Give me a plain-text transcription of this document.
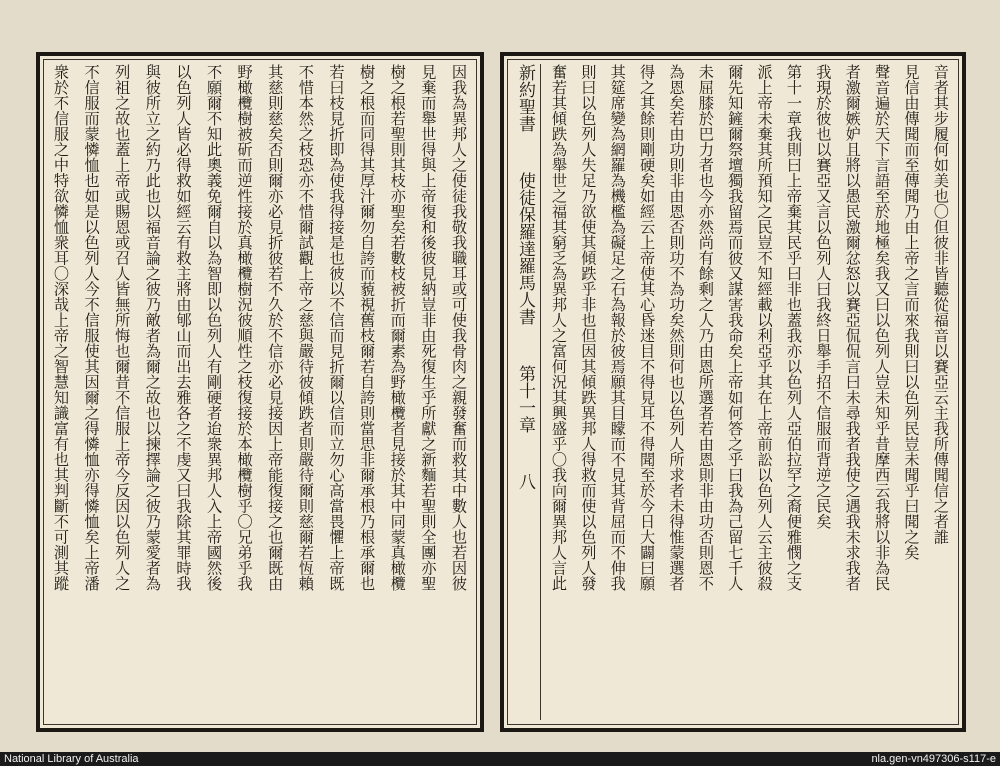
因我為異邦人之使徒我敬我職耳或可使我骨肉之親發奮而救其中數人也若因彼
見棄而舉世得與上帝復和後彼見納豈非由死復生乎所獻之新麵若聖則全團亦聖
樹之根若聖則其枝亦聖矣若數枝被折而爾素為野橄欖者見接於其中同蒙真橄欖
樹之根而同得其厚汁爾勿自誇而藐視舊枝爾若自誇則當思非爾承根乃根承爾也
若曰枝見折即為使我得接是也彼以不信而見折爾以信而立勿心高當畏懼上帝既
不惜本然之枝恐亦不惜爾試觀上帝之慈與嚴待彼傾跌者則嚴待爾則慈爾若恆賴
其慈則慈矣否則爾亦必見折彼若不久於不信亦必見接因上帝能復接之也爾既由
野橄欖樹被斫而逆性接於真橄欖樹況彼順性之枝復接於本橄欖樹乎〇兄弟乎我
不願爾不知此奧義免爾自以為智即以色列人有剛硬者迨衆異邦人入上帝國然後
以色列人皆必得救如經云有救主將由郇山而出去雅各之不虔又曰我除其罪時我
與彼所立之約乃此也以福音論之彼乃敵者為爾之故也以揀擇論之彼乃蒙愛者為
列祖之故也蓋上帝或賜恩或召人皆無所悔也爾昔不信服上帝今反因以色列人之
不信服而蒙憐恤也如是以色列人今不信服使其因爾之得憐恤亦得憐恤矣上帝潘
衆於不信服之中特欲憐恤衆耳〇深哉上帝之智慧知識富有也其判斷不可測其蹤	新約聖書使徒保羅達羅馬人書第十一章八	音者其步履何如美也〇但彼非皆聽從福音以賽亞云主我所傳聞信之者誰
見信由傳聞而至傳聞乃由上帝之言而來我則曰以色列民豈未聞乎曰聞之矣
聲音遍於天下言語至於地極矣我又曰以色列人豈未知乎昔摩西云我將以非為民
者激爾嫉妒且將以愚民激爾忿怒以賽亞侃侃言曰未尋我者我使之遇我未求我者
我現於彼也以賽亞又言以色列人曰我終日舉手招不信服而背逆之民矣
第十一章我則曰上帝棄其民乎曰非也蓋我亦以色列人亞伯拉罕之裔便雅憫之支
派上帝未棄其所預知之民豈不知經載以利亞乎其在上帝前訟以色列人云主彼殺
爾先知鏟爾祭壇獨我留焉而彼又謀害我命矣上帝如何答之乎曰我為己留七千人
未屈膝於巴力者也今亦然尚有餘剩之人乃由恩所選者若由恩則非由功否則恩不
為恩矣若由功則非由恩否則功不為功矣然則何也以色列人所求者未得惟蒙選者
得之其餘則剛硬矣如經云上帝使其心昏迷目不得見耳不得聞至於今日大闢曰願
其筵席變為網羅為機檻為礙足之石為報於彼焉願其目矇而不見其背屈而不伸我
則曰以色列人失足乃欲使其傾跌乎非也但因其傾跌異邦人得救而使以色列人發
奮若其傾跌為舉世之福其窮乏為異邦人之富何況其興盛乎〇我向爾異邦人言此
National Library of Australia	nla.gen-vn497306-s117-e
